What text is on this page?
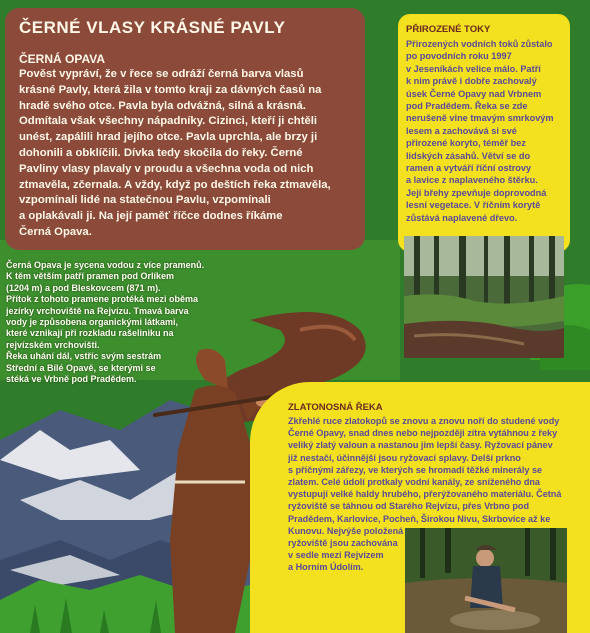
ČERNÉ VLASY KRÁSNÉ PAVLY
ČERNÁ OPAVA

Pověst vypráví, že v řece se odráží černá barva vlasů
krásné Pavly, která žila v tomto kraji za dávných časů na
hradě svého otce. Pavla byla odvážná, silná a krásná.
Odmítala však všechny nápadníky. Cizinci, kteří ji chtěli
unést, zapálili hrad jejího otce. Pavla uprchla, ale brzy ji
dohonili a obklíčili. Dívka tedy skočila do řeky. Černé
Pavliny vlasy plavaly v proudu a všechna voda od nich
ztmavěla, zčernala. A vždy, když po deštích řeka ztmavěla,
vzpomínali lidé na statečnou Pavlu, vzpomínali
a oplakávali ji. Na její paměť říčce dodnes říkáme
Černá Opava.

PŘIROZENÉ TOKY

Přirozených vodních toků zůstalo
po povodních roku 1997
v Jeseníkách velice málo. Patří
k nim právě i dobře zachovalý
úsek Černé Opavy nad Vrbnem
pod Pradědem. Řeka se zde
nerušeně vine tmavým smrkovým
lesem a zachovává si své
přirozené koryto, téměř bez
lidských zásahů. Větví se do
ramen a vytváří říční ostrovy
a lavice z naplaveného štěrku.
Její břehy zpevňuje doprovodná
lesní vegetace. V říčním korytě
zůstává naplavené dřevo.

Černá Opava je sycena vodou z více pramenů.
K těm větším patří pramen pod Orlíkem
(1204 m) a pod Bleskovcem (871 m).
Přítok z tohoto pramene protéká mezi oběma
jezírky vrchoviště na Rejvízu. Tmavá barva
vody je způsobena organickými látkami,
které vznikají při rozkladu rašeliniku na
rejvízském vrchovišti.
Řeka uhání dál, vstříc svým sestrám
Střední a Bílé Opavě, se kterými se
stéká ve Vrbně pod Pradědem.

ZLATONOSNÁ ŘEKA

Zkřehlé ruce zlatokopů se znovu a znovu noří do studené vody
Černé Opavy, snad dnes nebo nejpozději zítra vytáhnou z řeky
veliký zlatý valoun a nastanou jim lepší časy. Ryžovací pánev
již nestačí, účinnější jsou ryžovací splavy. Delší prkno
s příčnými zářezy, ve kterých se hromadí těžké minerály se
zlatem. Celé údolí protkaly vodní kanály, ze sníženého dna
vystupují velké haldy hrubého, přerýžovaného materiálu. Četná
ryžoviště se táhnou od Starého Rejvízu, přes Vrbno pod
Pradědem, Karlovice, Pocheň, Širokou Nivu, Skrbovice až ke
Kunovu. Nejvýše položená
ryžoviště jsou zachována
v sedle mezi Rejvízem
a Horním Údolím.
